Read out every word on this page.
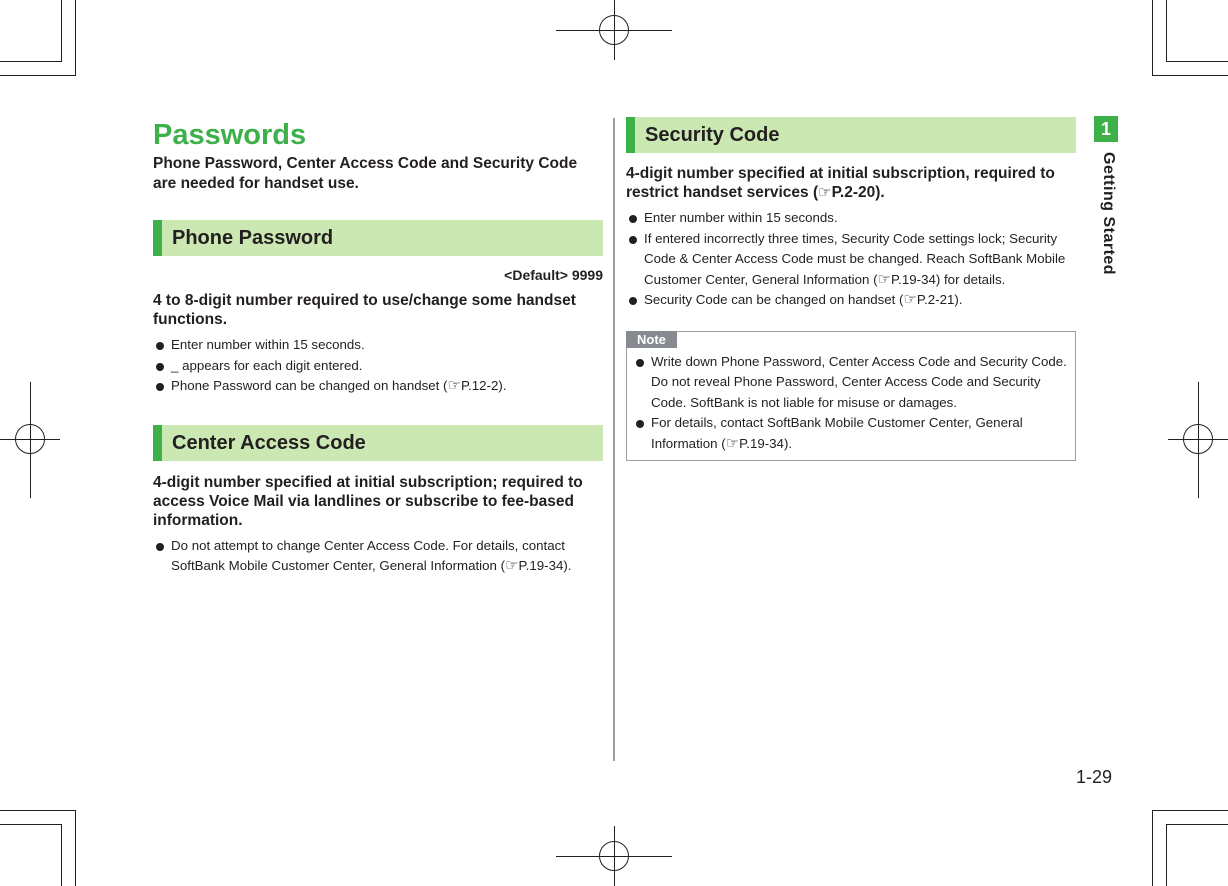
Passwords

Phone Password, Center Access Code and Security Code are needed for handset use.

Phone Password
<Default> 9999
4 to 8-digit number required to use/change some handset functions.
Enter number within 15 seconds.
_ appears for each digit entered.
Phone Password can be changed on handset (☞P.12-2).
Center Access Code
4-digit number specified at initial subscription; required to access Voice Mail via landlines or subscribe to fee-based information.
Do not attempt to change Center Access Code. For details, contact SoftBank Mobile Customer Center, General Information (☞P.19-34).
Security Code
4-digit number specified at initial subscription, required to restrict handset services (☞P.2-20).
Enter number within 15 seconds.
If entered incorrectly three times, Security Code settings lock; Security Code & Center Access Code must be changed. Reach SoftBank Mobile Customer Center, General Information (☞P.19-34) for details.
Security Code can be changed on handset (☞P.2-21).
Note
Write down Phone Password, Center Access Code and Security Code. Do not reveal Phone Password, Center Access Code and Security Code. SoftBank is not liable for misuse or damages.
For details, contact SoftBank Mobile Customer Center, General Information (☞P.19-34).
1
Getting Started
1-29
